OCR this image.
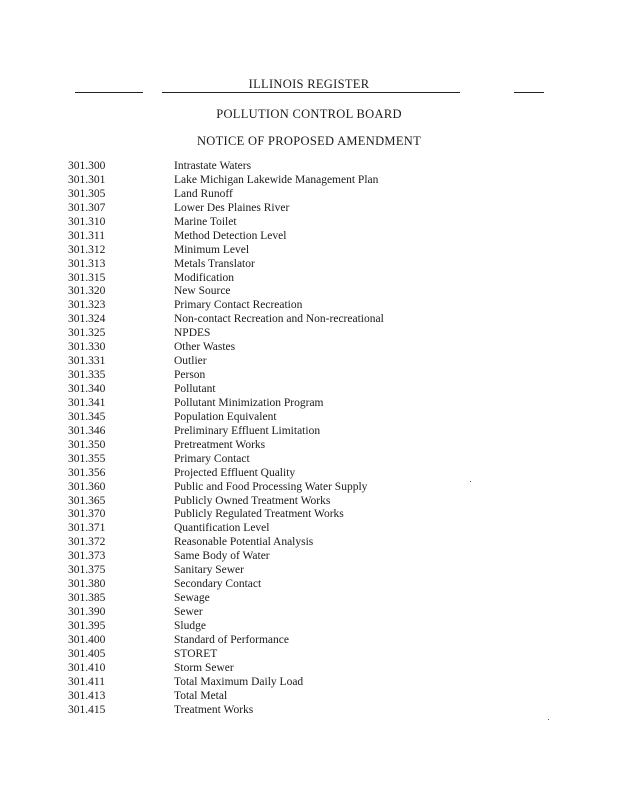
ILLINOIS REGISTER
POLLUTION CONTROL BOARD
NOTICE OF PROPOSED AMENDMENT
301.300	Intrastate Waters
301.301	Lake Michigan Lakewide Management Plan
301.305	Land Runoff
301.307	Lower Des Plaines River
301.310	Marine Toilet
301.311	Method Detection Level
301.312	Minimum Level
301.313	Metals Translator
301.315	Modification
301.320	New Source
301.323	Primary Contact Recreation
301.324	Non-contact Recreation and Non-recreational
301.325	NPDES
301.330	Other Wastes
301.331	Outlier
301.335	Person
301.340	Pollutant
301.341	Pollutant Minimization Program
301.345	Population Equivalent
301.346	Preliminary Effluent Limitation
301.350	Pretreatment Works
301.355	Primary Contact
301.356	Projected Effluent Quality
301.360	Public and Food Processing Water Supply
301.365	Publicly Owned Treatment Works
301.370	Publicly Regulated Treatment Works
301.371	Quantification Level
301.372	Reasonable Potential Analysis
301.373	Same Body of Water
301.375	Sanitary Sewer
301.380	Secondary Contact
301.385	Sewage
301.390	Sewer
301.395	Sludge
301.400	Standard of Performance
301.405	STORET
301.410	Storm Sewer
301.411	Total Maximum Daily Load
301.413	Total Metal
301.415	Treatment Works
